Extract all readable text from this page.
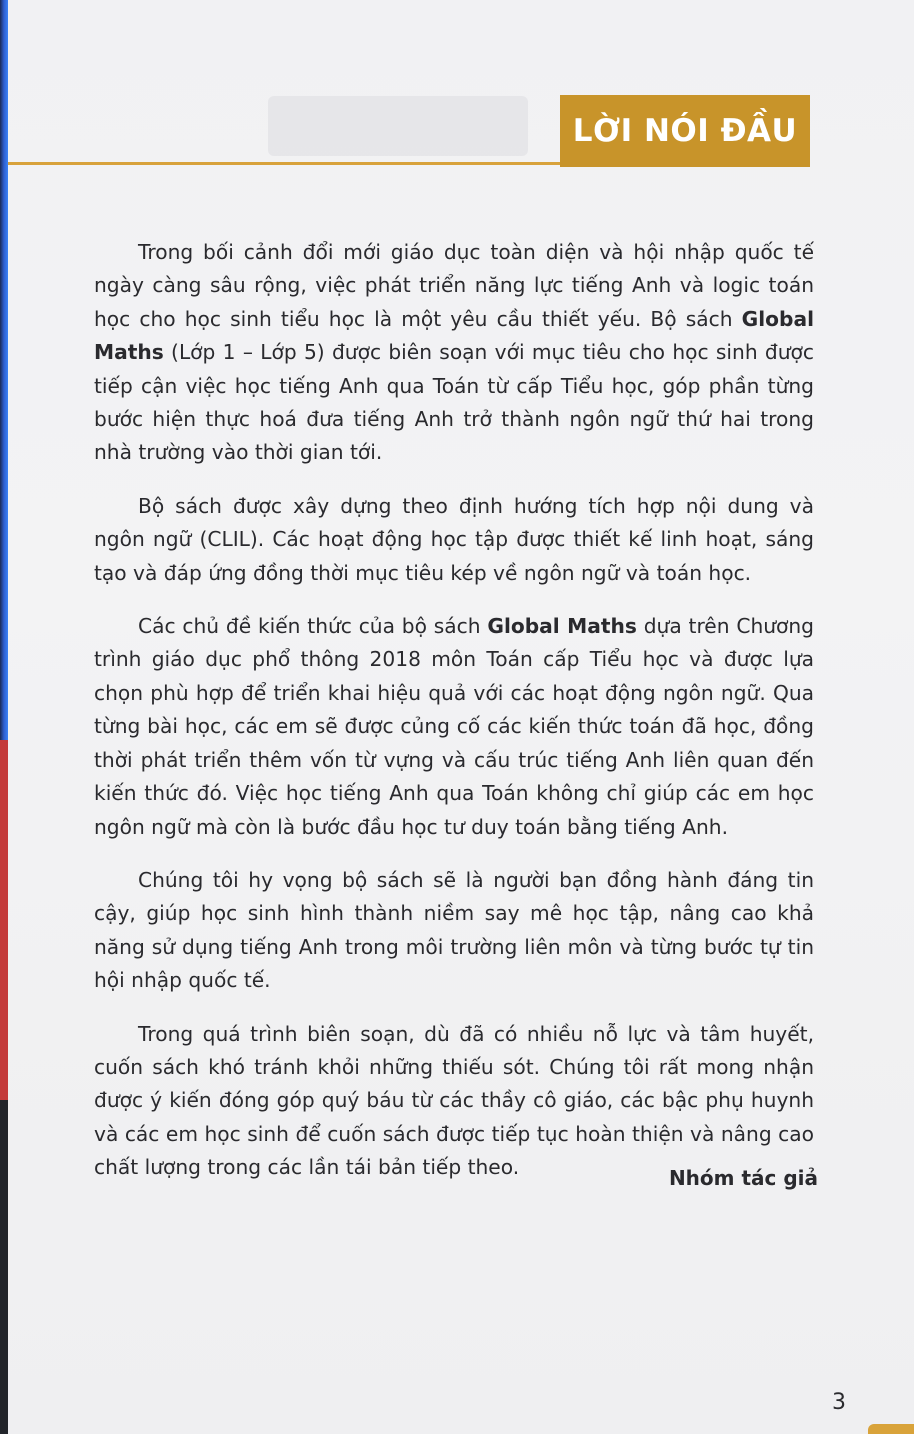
LỜI NÓI ĐẦU

Trong bối cảnh đổi mới giáo dục toàn diện và hội nhập quốc tế ngày càng sâu rộng, việc phát triển năng lực tiếng Anh và logic toán học cho học sinh tiểu học là một yêu cầu thiết yếu. Bộ sách Global Maths (Lớp 1 – Lớp 5) được biên soạn với mục tiêu cho học sinh được tiếp cận việc học tiếng Anh qua Toán từ cấp Tiểu học, góp phần từng bước hiện thực hoá đưa tiếng Anh trở thành ngôn ngữ thứ hai trong nhà trường vào thời gian tới.

Bộ sách được xây dựng theo định hướng tích hợp nội dung và ngôn ngữ (CLIL). Các hoạt động học tập được thiết kế linh hoạt, sáng tạo và đáp ứng đồng thời mục tiêu kép về ngôn ngữ và toán học.

Các chủ đề kiến thức của bộ sách Global Maths dựa trên Chương trình giáo dục phổ thông 2018 môn Toán cấp Tiểu học và được lựa chọn phù hợp để triển khai hiệu quả với các hoạt động ngôn ngữ. Qua từng bài học, các em sẽ được củng cố các kiến thức toán đã học, đồng thời phát triển thêm vốn từ vựng và cấu trúc tiếng Anh liên quan đến kiến thức đó. Việc học tiếng Anh qua Toán không chỉ giúp các em học ngôn ngữ mà còn là bước đầu học tư duy toán bằng tiếng Anh.

Chúng tôi hy vọng bộ sách sẽ là người bạn đồng hành đáng tin cậy, giúp học sinh hình thành niềm say mê học tập, nâng cao khả năng sử dụng tiếng Anh trong môi trường liên môn và từng bước tự tin hội nhập quốc tế.

Trong quá trình biên soạn, dù đã có nhiều nỗ lực và tâm huyết, cuốn sách khó tránh khỏi những thiếu sót. Chúng tôi rất mong nhận được ý kiến đóng góp quý báu từ các thầy cô giáo, các bậc phụ huynh và các em học sinh để cuốn sách được tiếp tục hoàn thiện và nâng cao chất lượng trong các lần tái bản tiếp theo.	Nhóm tác giả
3
